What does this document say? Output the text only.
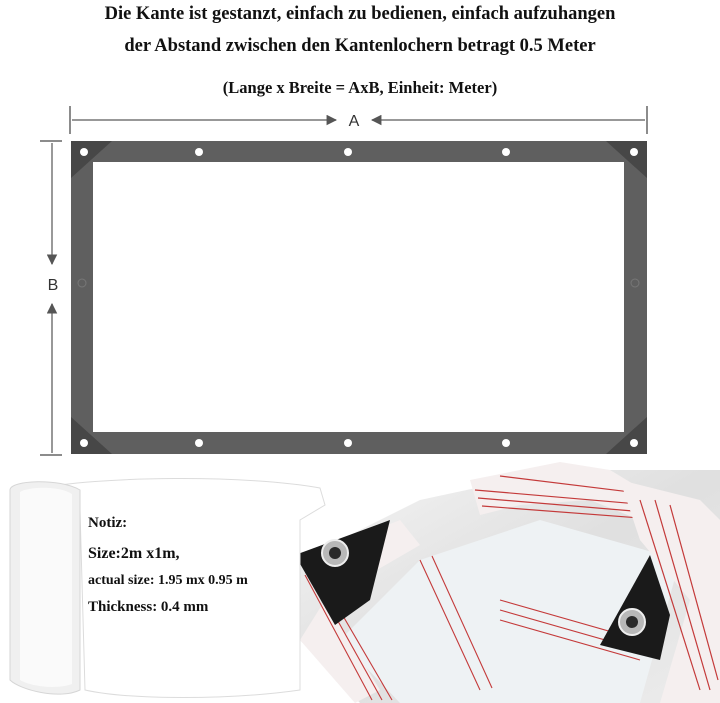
Die Kante ist gestanzt, einfach zu bedienen, einfach aufzuhangen
der Abstand zwischen den Kantenlochern betragt 0.5 Meter
(Lange x Breite = AxB, Einheit: Meter)
A
B
Notiz:
Size:2m x1m,
actual size: 1.95 mx 0.95 m
Thickness: 0.4 mm
